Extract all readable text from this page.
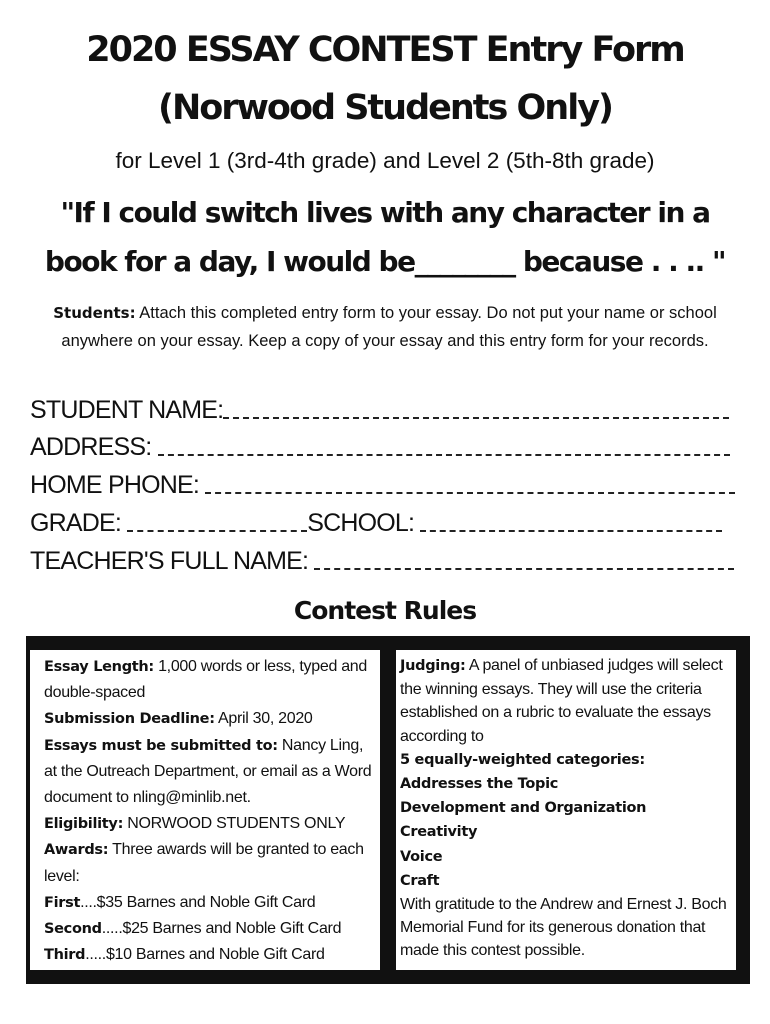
2020 ESSAY CONTEST Entry Form
(Norwood Students Only)

for Level 1 (3rd-4th grade) and Level 2 (5th-8th grade)

"If I could switch lives with any character in a

book for a day, I would be________ because . . .. "

Students: Attach this completed entry form to your essay. Do not put your name or school anywhere on your essay. Keep a copy of your essay and this entry form for your records.

STUDENT NAME:
ADDRESS:
HOME PHONE:
GRADE:	SCHOOL:
TEACHER'S FULL NAME:
Contest Rules

Essay Length: 1,000 words or less, typed and double-spaced

Submission Deadline: April 30, 2020

Essays must be submitted to: Nancy Ling, at the Outreach Department, or email as a Word document to nling@minlib.net.

Eligibility: NORWOOD STUDENTS ONLY

Awards: Three awards will be granted to each level:

First....$35 Barnes and Noble Gift Card

Second.....$25 Barnes and Noble Gift Card

Third.....$10 Barnes and Noble Gift Card

Judging: A panel of unbiased judges will select the winning essays. They will use the criteria established on a rubric to evaluate the essays according to

5 equally-weighted categories:

Addresses the Topic

Development and Organization

Creativity

Voice

Craft

With gratitude to the Andrew and Ernest J. Boch Memorial Fund for its generous donation that made this contest possible.
